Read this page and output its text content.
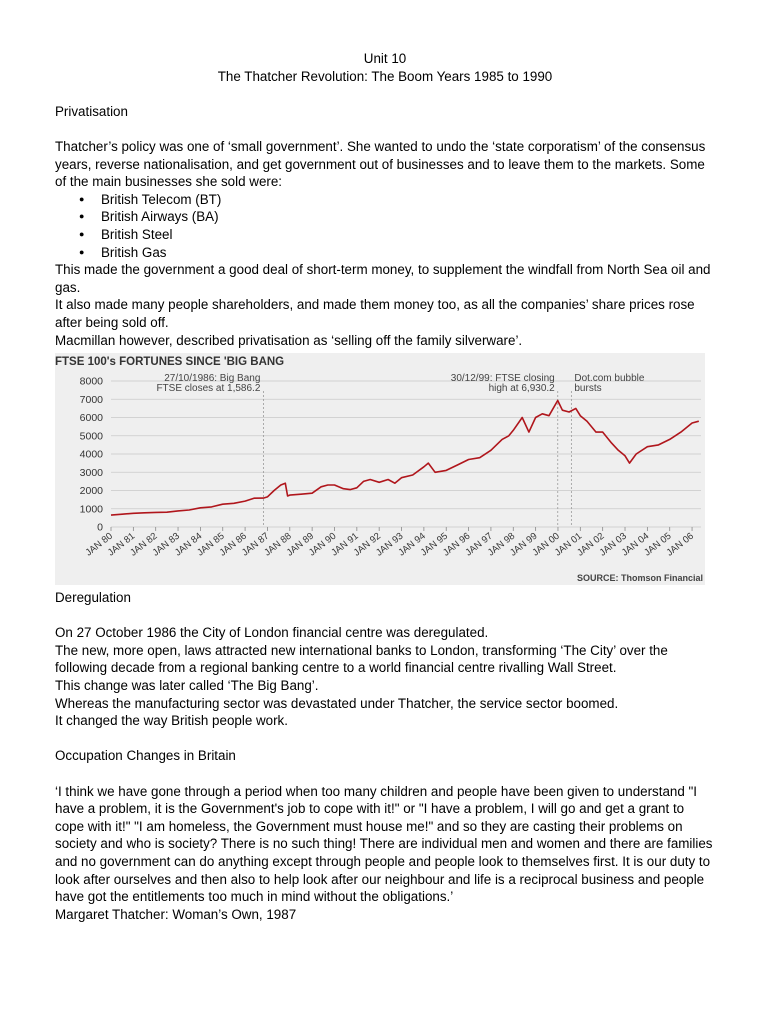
Unit 10

The Thatcher Revolution: The Boom Years 1985 to 1990

Privatisation

Thatcher’s policy was one of ‘small government’. She wanted to undo the ‘state corporatism’ of the consensus years, reverse nationalisation, and get government out of businesses and to leave them to the markets. Some of the main businesses she sold were:

● British Telecom (BT)
● British Airways (BA)
● British Steel
● British Gas

This made the government a good deal of short-term money, to supplement the windfall from North Sea oil and gas.

It also made many people shareholders, and made them money too, as all the companies’ share prices rose after being sold off.

Macmillan however, described privatisation as ‘selling off the family silverware’.

FTSE 100's FORTUNES SINCE 'BIG BANG
SOURCE: Thomson Financial
0
1000
2000
3000
4000
5000
6000
7000
8000
JAN 80
JAN 81
JAN 82
JAN 83
JAN 84
JAN 85
JAN 86
JAN 87
JAN 88
JAN 89
JAN 90
JAN 91
JAN 92
JAN 93
JAN 94
JAN 95
JAN 96
JAN 97
JAN 98
JAN 99
JAN 00
JAN 01
JAN 02
JAN 03
JAN 04
JAN 05
JAN 06
27/10/1986: Big Bang
FTSE closes at 1,586.2
30/12/99: FTSE closing
high at 6,930.2
Dot.com bubble
bursts

Deregulation

On 27 October 1986 the City of London financial centre was deregulated.

The new, more open, laws attracted new international banks to London, transforming ‘The City’ over the following decade from a regional banking centre to a world financial centre rivalling Wall Street.

This change was later called ‘The Big Bang’.

Whereas the manufacturing sector was devastated under Thatcher, the service sector boomed.

It changed the way British people work.

Occupation Changes in Britain

‘I think we have gone through a period when too many children and people have been given to understand "I have a problem, it is the Government's job to cope with it!" or "I have a problem, I will go and get a grant to cope with it!" "I am homeless, the Government must house me!" and so they are casting their problems on society and who is society? There is no such thing! There are individual men and women and there are families and no government can do anything except through people and people look to themselves first. It is our duty to look after ourselves and then also to help look after our neighbour and life is a reciprocal business and people have got the entitlements too much in mind without the obligations.’

Margaret Thatcher: Woman’s Own, 1987
